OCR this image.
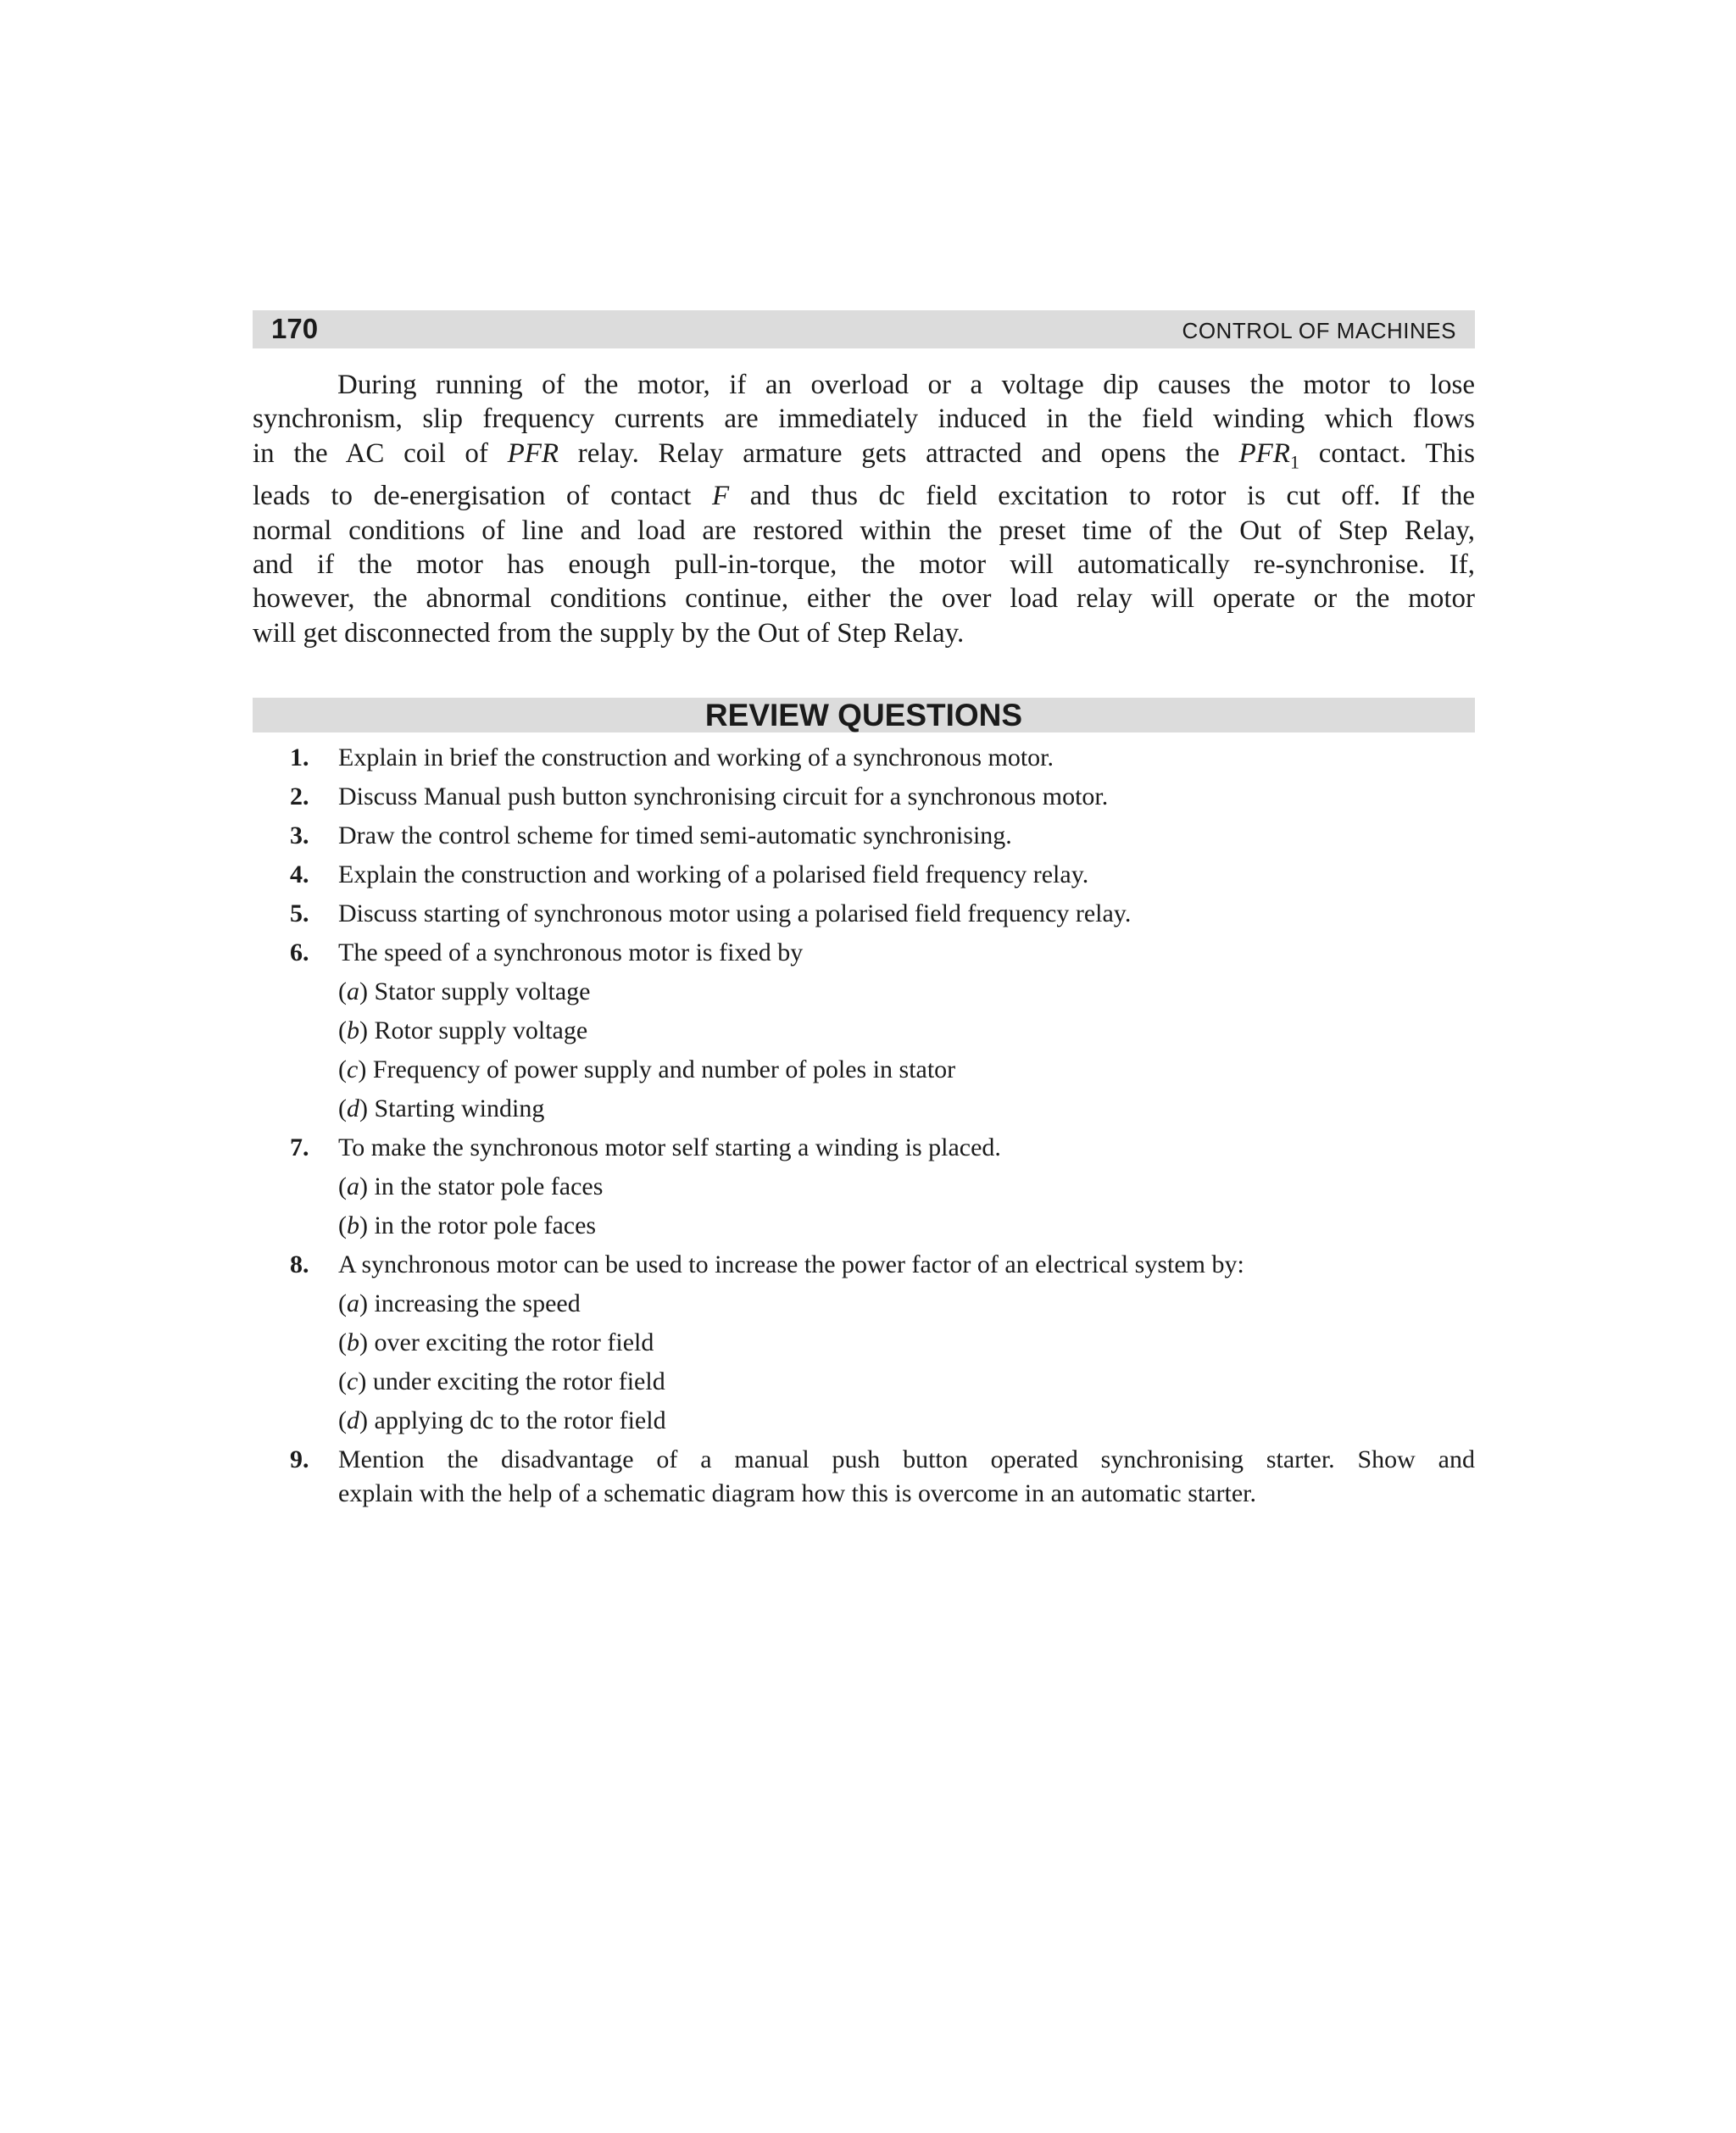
170	CONTROL OF MACHINES
During running of the motor, if an overload or a voltage dip causes the motor to lose
synchronism, slip frequency currents are immediately induced in the field winding which flows
in the AC coil of PFR relay. Relay armature gets attracted and opens the $PFR_1$ contact. This
leads to de-energisation of contact F and thus dc field excitation to rotor is cut off. If the
normal conditions of line and load are restored within the preset time of the Out of Step Relay,
and if the motor has enough pull-in-torque, the motor will automatically re-synchronise. If,
however, the abnormal conditions continue, either the over load relay will operate or the motor
will get disconnected from the supply by the Out of Step Relay.
REVIEW QUESTIONS
1. Explain in brief the construction and working of a synchronous motor.
2. Discuss Manual push button synchronising circuit for a synchronous motor.
3. Draw the control scheme for timed semi-automatic synchronising.
4. Explain the construction and working of a polarised field frequency relay.
5. Discuss starting of synchronous motor using a polarised field frequency relay.
6. The speed of a synchronous motor is fixed by
(a) Stator supply voltage
(b) Rotor supply voltage
(c) Frequency of power supply and number of poles in stator
(d) Starting winding
7. To make the synchronous motor self starting a winding is placed.
(a) in the stator pole faces
(b) in the rotor pole faces
8. A synchronous motor can be used to increase the power factor of an electrical system by:
(a) increasing the speed
(b) over exciting the rotor field
(c) under exciting the rotor field
(d) applying dc to the rotor field
9. Mention the disadvantage of a manual push button operated synchronising starter. Show and
explain with the help of a schematic diagram how this is overcome in an automatic starter.
